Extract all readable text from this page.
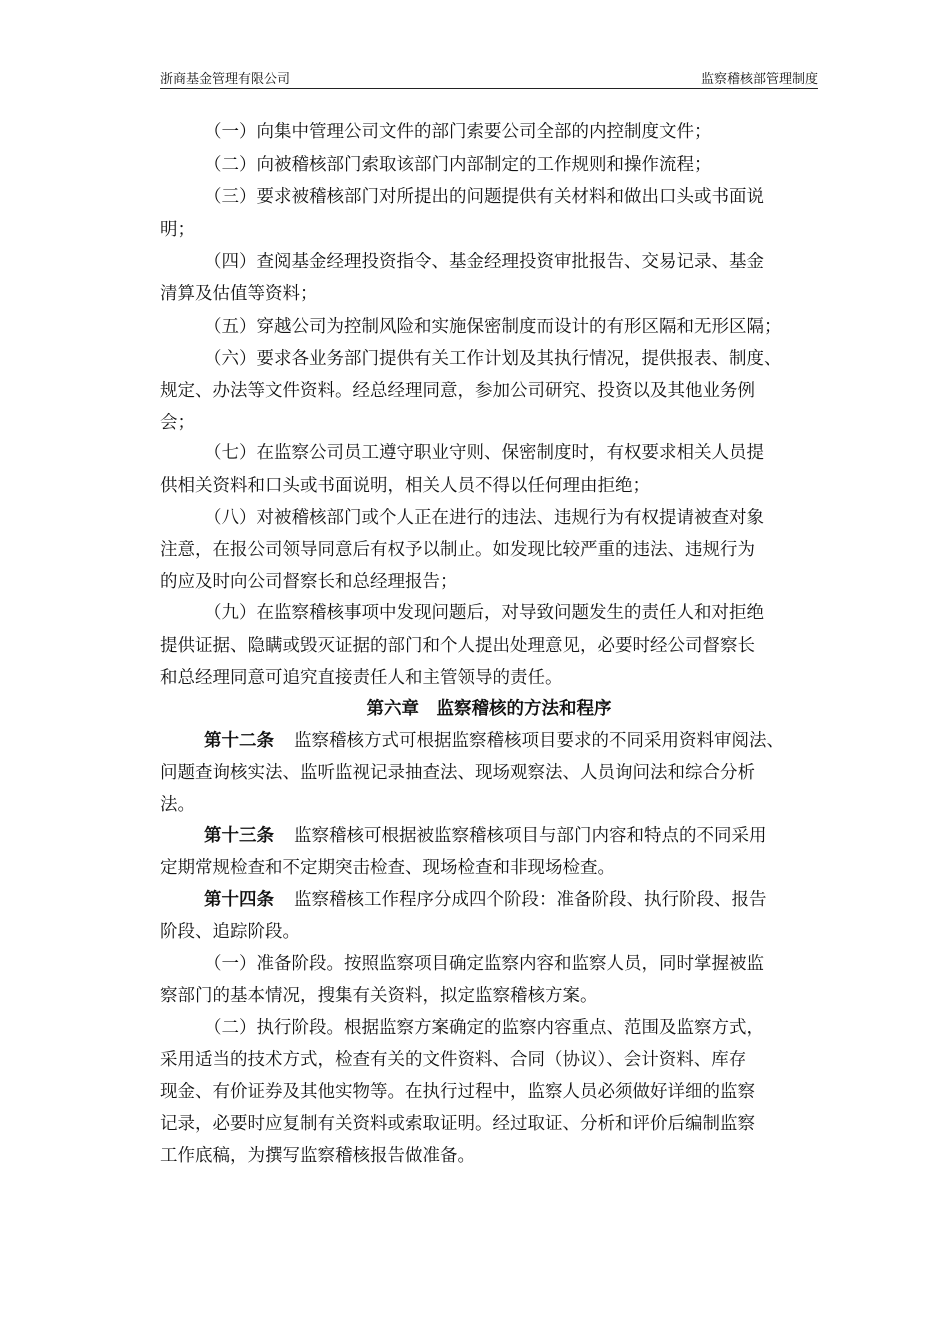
浙商基金管理有限公司	监察稽核部管理制度
（一）向集中管理公司文件的部门索要公司全部的内控制度文件；
（二）向被稽核部门索取该部门内部制定的工作规则和操作流程；
（三）要求被稽核部门对所提出的问题提供有关材料和做出口头或书面说
明；
（四）查阅基金经理投资指令、基金经理投资审批报告、交易记录、基金
清算及估值等资料；
（五）穿越公司为控制风险和实施保密制度而设计的有形区隔和无形区隔；
（六）要求各业务部门提供有关工作计划及其执行情况，提供报表、制度、
规定、办法等文件资料。经总经理同意，参加公司研究、投资以及其他业务例
会；
（七）在监察公司员工遵守职业守则、保密制度时，有权要求相关人员提
供相关资料和口头或书面说明，相关人员不得以任何理由拒绝；
（八）对被稽核部门或个人正在进行的违法、违规行为有权提请被查对象
注意，在报公司领导同意后有权予以制止。如发现比较严重的违法、违规行为
的应及时向公司督察长和总经理报告；
（九）在监察稽核事项中发现问题后，对导致问题发生的责任人和对拒绝
提供证据、隐瞒或毁灭证据的部门和个人提出处理意见，必要时经公司督察长
和总经理同意可追究直接责任人和主管领导的责任。
第六章　监察稽核的方法和程序
第十二条 监察稽核方式可根据监察稽核项目要求的不同采用资料审阅法、
问题查询核实法、监听监视记录抽查法、现场观察法、人员询问法和综合分析
法。
第十三条 监察稽核可根据被监察稽核项目与部门内容和特点的不同采用
定期常规检查和不定期突击检查、现场检查和非现场检查。
第十四条 监察稽核工作程序分成四个阶段：准备阶段、执行阶段、报告
阶段、追踪阶段。
（一）准备阶段。按照监察项目确定监察内容和监察人员，同时掌握被监
察部门的基本情况，搜集有关资料，拟定监察稽核方案。
（二）执行阶段。根据监察方案确定的监察内容重点、范围及监察方式，
采用适当的技术方式，检查有关的文件资料、合同（协议）、会计资料、库存
现金、有价证券及其他实物等。在执行过程中，监察人员必须做好详细的监察
记录，必要时应复制有关资料或索取证明。经过取证、分析和评价后编制监察
工作底稿，为撰写监察稽核报告做准备。
